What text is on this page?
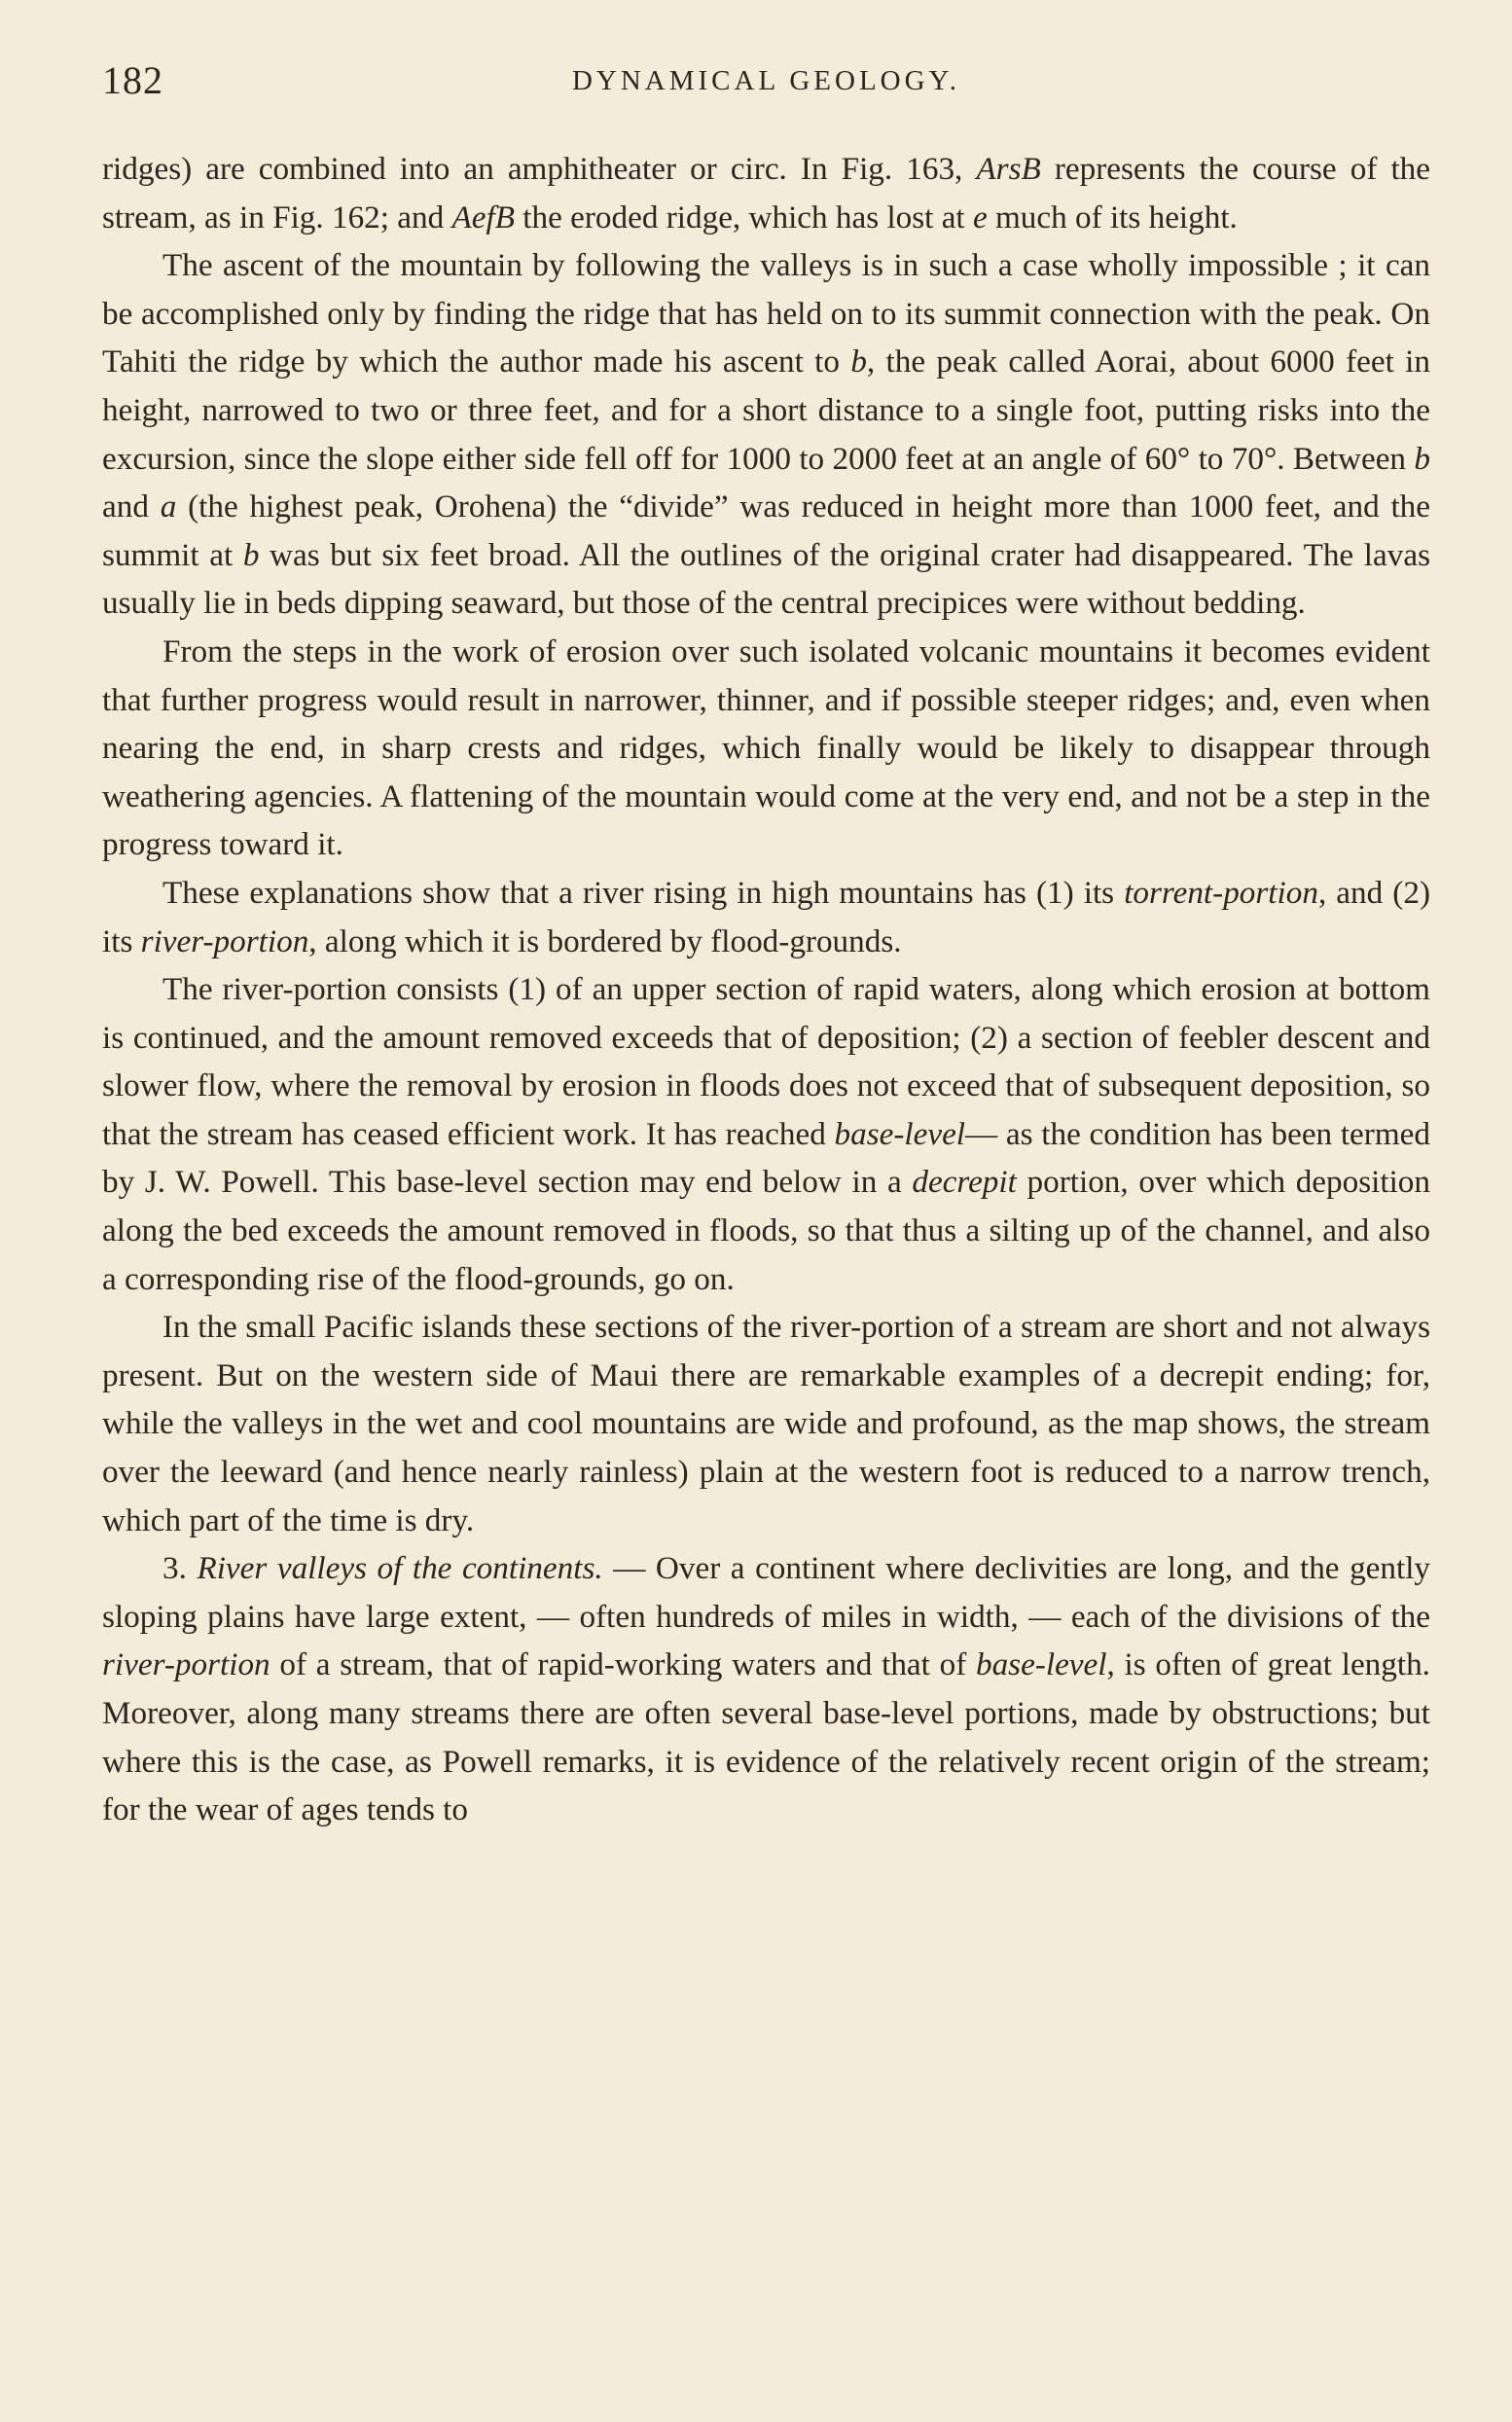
182	DYNAMICAL GEOLOGY.

ridges) are combined into an amphitheater or circ. In Fig. 163, ArsB represents the course of the stream, as in Fig. 162; and AefB the eroded ridge, which has lost at e much of its height.

The ascent of the mountain by following the valleys is in such a case wholly impossible ; it can be accomplished only by finding the ridge that has held on to its summit connection with the peak. On Tahiti the ridge by which the author made his ascent to b, the peak called Aorai, about 6000 feet in height, narrowed to two or three feet, and for a short distance to a single foot, putting risks into the excursion, since the slope either side fell off for 1000 to 2000 feet at an angle of 60° to 70°. Between b and a (the highest peak, Orohena) the “divide” was reduced in height more than 1000 feet, and the summit at b was but six feet broad. All the outlines of the original crater had disappeared. The lavas usually lie in beds dipping seaward, but those of the central precipices were without bedding.

From the steps in the work of erosion over such isolated volcanic mountains it becomes evident that further progress would result in narrower, thinner, and if possible steeper ridges; and, even when nearing the end, in sharp crests and ridges, which finally would be likely to disappear through weathering agencies. A flattening of the mountain would come at the very end, and not be a step in the progress toward it.

These explanations show that a river rising in high mountains has (1) its torrent-portion, and (2) its river-portion, along which it is bordered by flood-grounds.

The river-portion consists (1) of an upper section of rapid waters, along which erosion at bottom is continued, and the amount removed exceeds that of deposition; (2) a section of feebler descent and slower flow, where the removal by erosion in floods does not exceed that of subsequent deposition, so that the stream has ceased efficient work. It has reached base-level— as the condition has been termed by J. W. Powell. This base-level section may end below in a decrepit portion, over which deposition along the bed exceeds the amount removed in floods, so that thus a silting up of the channel, and also a corresponding rise of the flood-grounds, go on.

In the small Pacific islands these sections of the river-portion of a stream are short and not always present. But on the western side of Maui there are remarkable examples of a decrepit ending; for, while the valleys in the wet and cool mountains are wide and profound, as the map shows, the stream over the leeward (and hence nearly rainless) plain at the western foot is reduced to a narrow trench, which part of the time is dry.

3. River valleys of the continents. — Over a continent where declivities are long, and the gently sloping plains have large extent, — often hundreds of miles in width, — each of the divisions of the river-portion of a stream, that of rapid-working waters and that of base-level, is often of great length. Moreover, along many streams there are often several base-level portions, made by obstructions; but where this is the case, as Powell remarks, it is evidence of the relatively recent origin of the stream; for the wear of ages tends to
